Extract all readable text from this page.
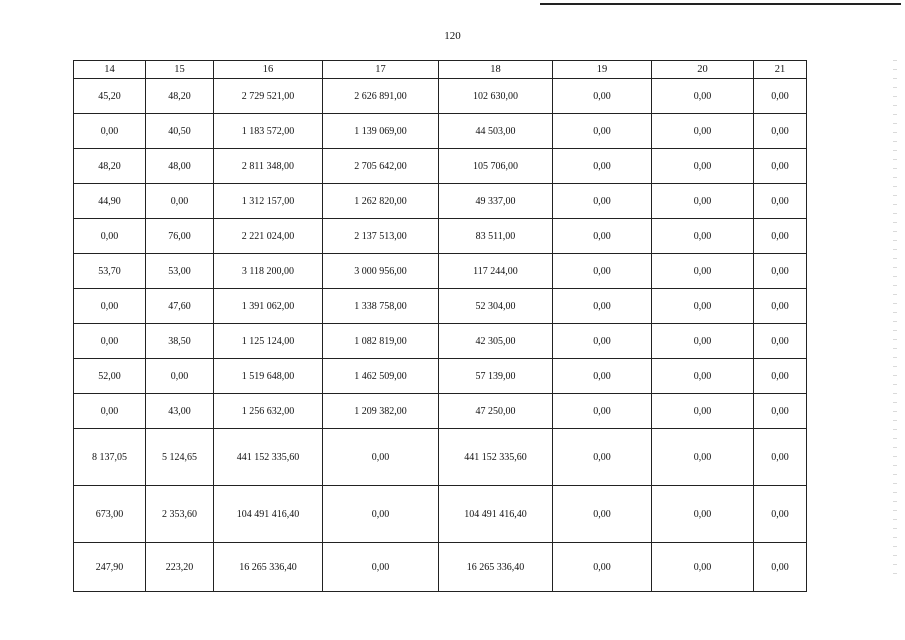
120
14	15	16	17	18	19	20	21
45,20	48,20	2 729 521,00	2 626 891,00	102 630,00	0,00	0,00	0,00
0,00	40,50	1 183 572,00	1 139 069,00	44 503,00	0,00	0,00	0,00
48,20	48,00	2 811 348,00	2 705 642,00	105 706,00	0,00	0,00	0,00
44,90	0,00	1 312 157,00	1 262 820,00	49 337,00	0,00	0,00	0,00
0,00	76,00	2 221 024,00	2 137 513,00	83 511,00	0,00	0,00	0,00
53,70	53,00	3 118 200,00	3 000 956,00	117 244,00	0,00	0,00	0,00
0,00	47,60	1 391 062,00	1 338 758,00	52 304,00	0,00	0,00	0,00
0,00	38,50	1 125 124,00	1 082 819,00	42 305,00	0,00	0,00	0,00
52,00	0,00	1 519 648,00	1 462 509,00	57 139,00	0,00	0,00	0,00
0,00	43,00	1 256 632,00	1 209 382,00	47 250,00	0,00	0,00	0,00
8 137,05	5 124,65	441 152 335,60	0,00	441 152 335,60	0,00	0,00	0,00
673,00	2 353,60	104 491 416,40	0,00	104 491 416,40	0,00	0,00	0,00
247,90	223,20	16 265 336,40	0,00	16 265 336,40	0,00	0,00	0,00
